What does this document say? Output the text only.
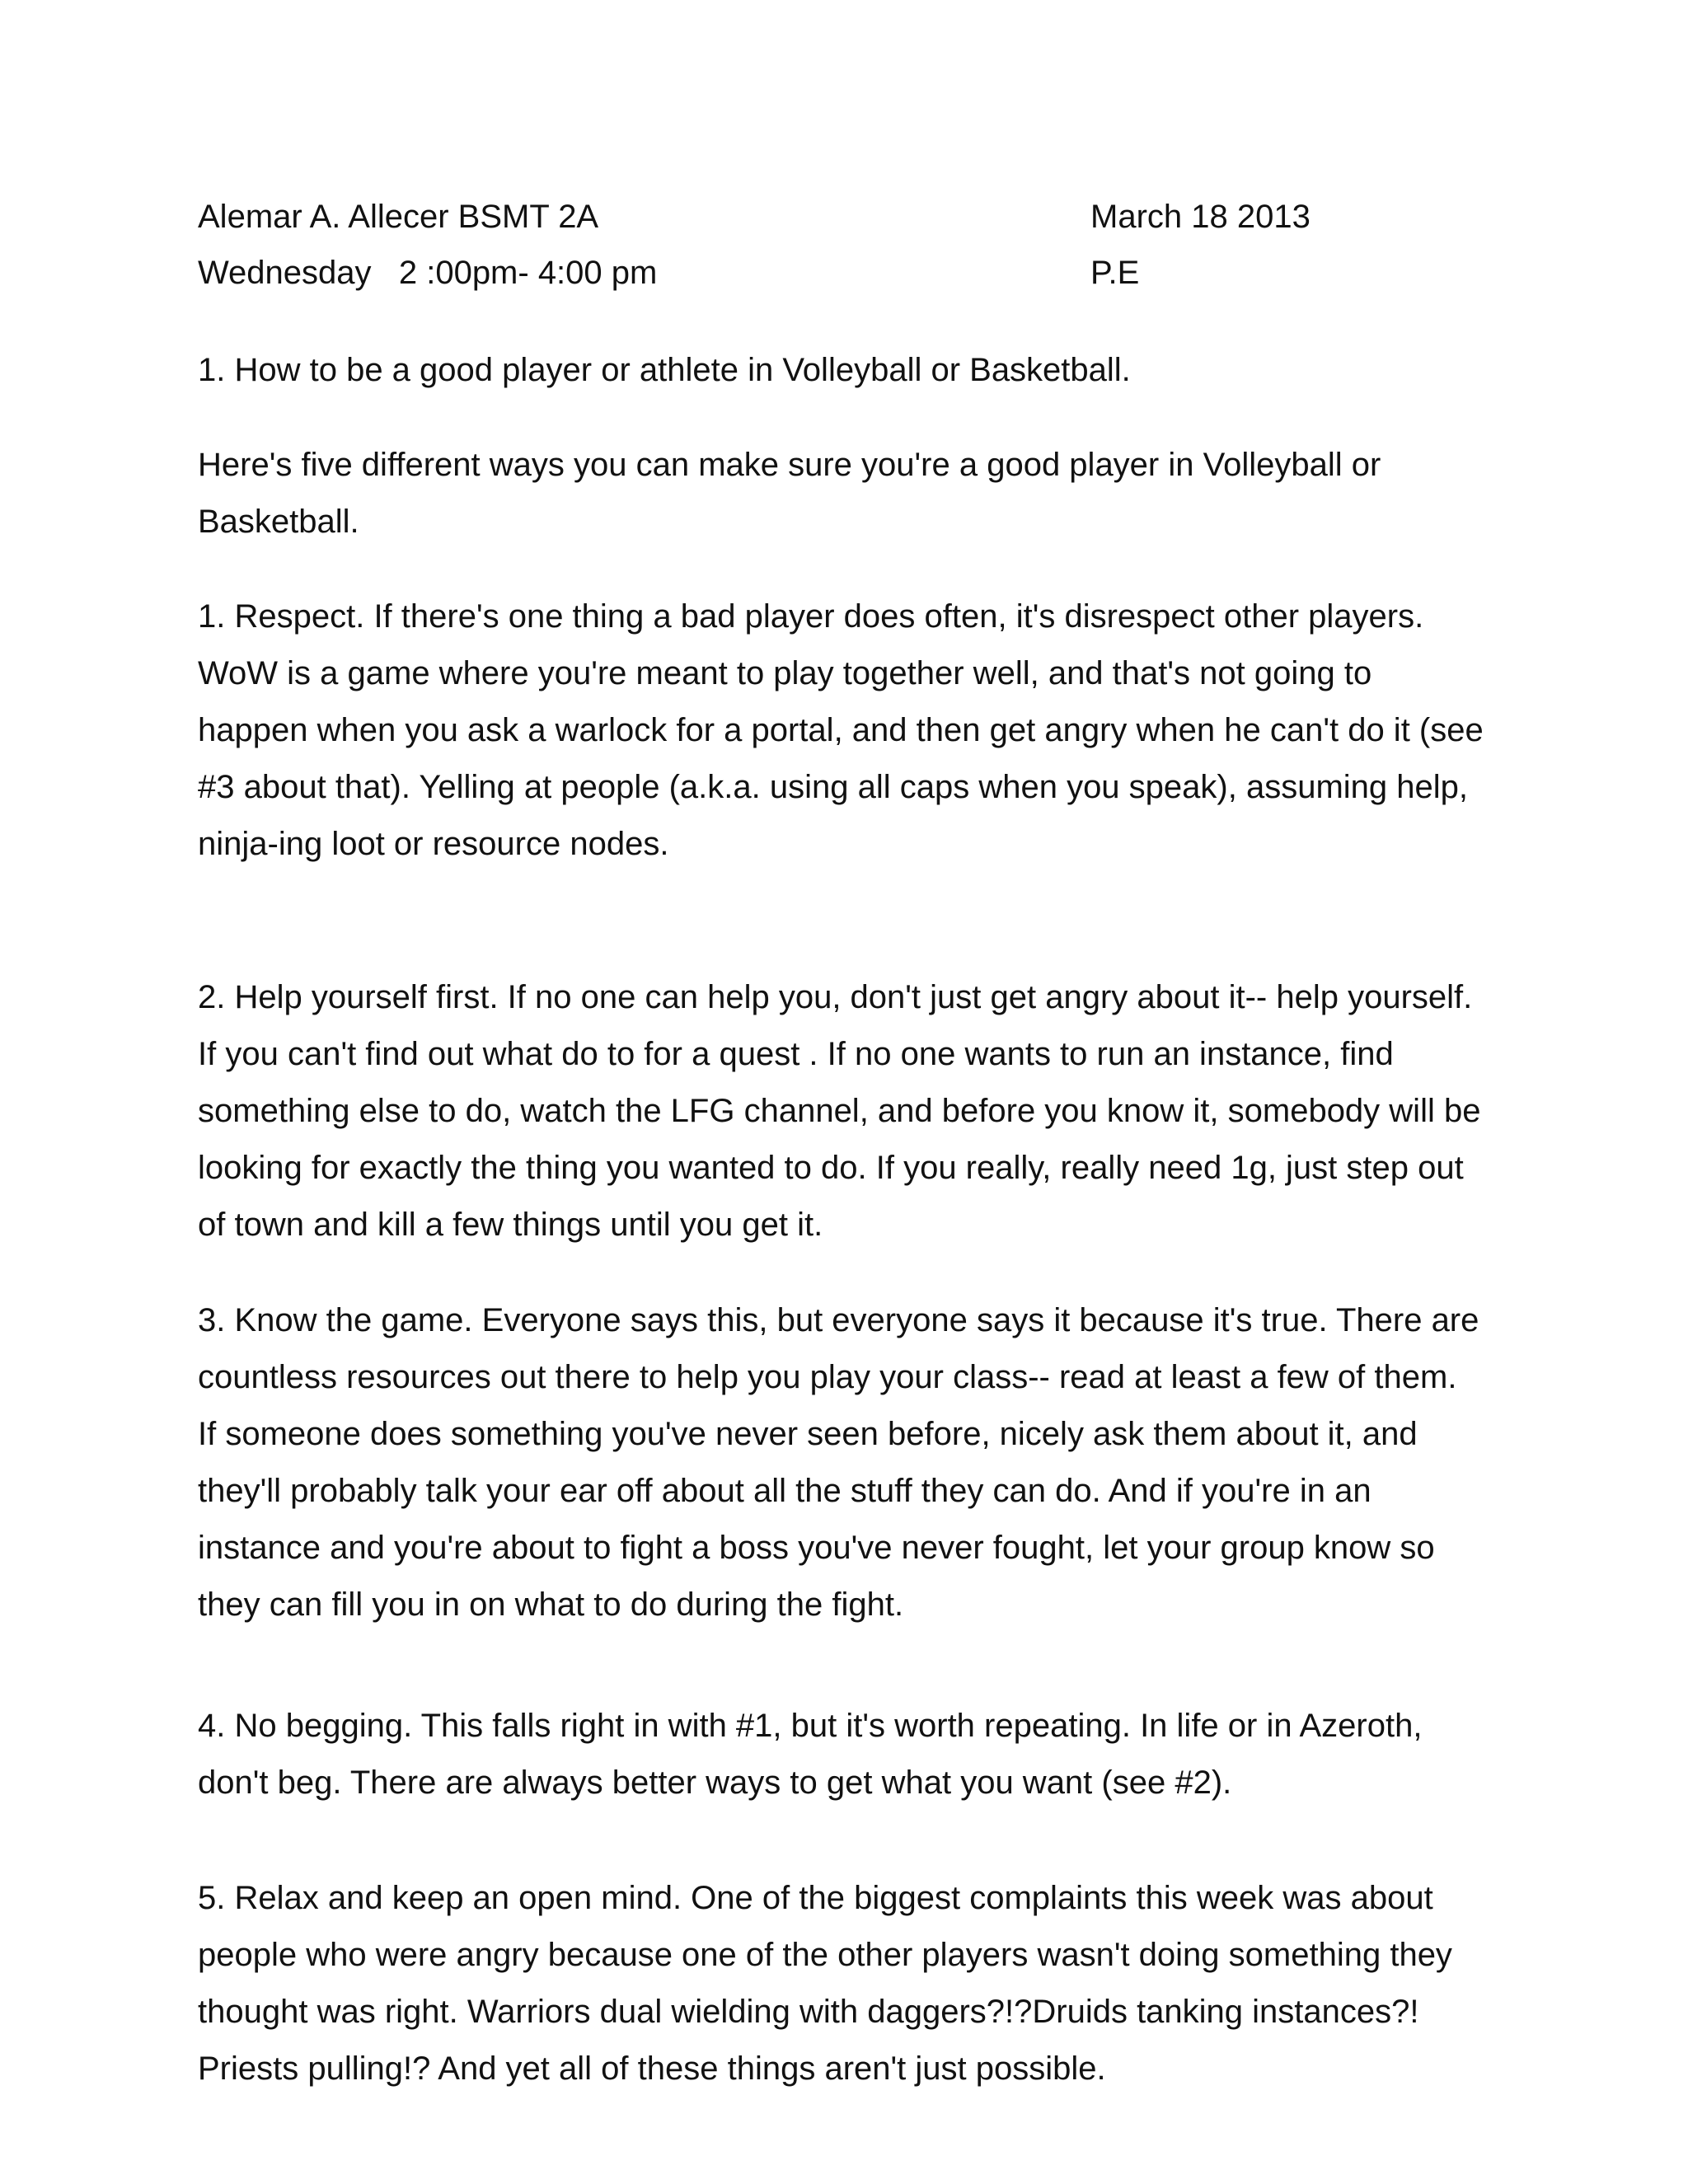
Alemar A. Allecer BSMT 2A	March 18 2013

Wednesday   2 :00pm- 4:00 pm	P.E

1. How to be a good player or athlete in Volleyball or Basketball.

Here's five different ways you can make sure you're a good player in Volleyball or

Basketball.

1. Respect. If there's one thing a bad player does often, it's disrespect other players.

WoW is a game where you're meant to play together well, and that's not going to

happen when you ask a warlock for a portal, and then get angry when he can't do it (see

#3 about that). Yelling at people (a.k.a. using all caps when you speak), assuming help,

ninja-ing loot or resource nodes.

2. Help yourself first. If no one can help you, don't just get angry about it-- help yourself.

If you can't find out what do to for a quest . If no one wants to run an instance, find

something else to do, watch the LFG channel, and before you know it, somebody will be

looking for exactly the thing you wanted to do. If you really, really need 1g, just step out

of town and kill a few things until you get it.

3. Know the game. Everyone says this, but everyone says it because it's true. There are

countless resources out there to help you play your class-- read at least a few of them.

If someone does something you've never seen before, nicely ask them about it, and

they'll probably talk your ear off about all the stuff they can do. And if you're in an

instance and you're about to fight a boss you've never fought, let your group know so

they can fill you in on what to do during the fight.

4. No begging. This falls right in with #1, but it's worth repeating. In life or in Azeroth,

don't beg. There are always better ways to get what you want (see #2).

5. Relax and keep an open mind. One of the biggest complaints this week was about

people who were angry because one of the other players wasn't doing something they

thought was right. Warriors dual wielding with daggers?!?Druids tanking instances?!

Priests pulling!? And yet all of these things aren't just possible.
